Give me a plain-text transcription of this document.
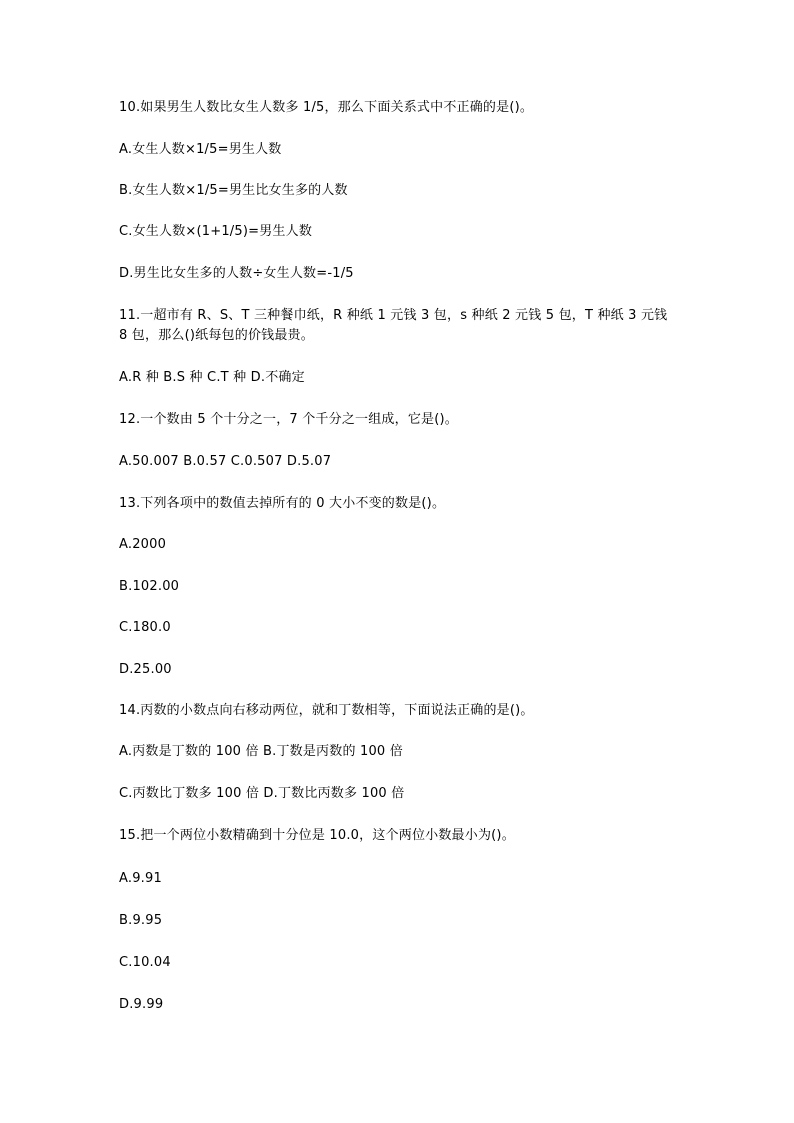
10.如果男生人数比女生人数多 1/5，那么下面关系式中不正确的是()。
A.女生人数×1/5=男生人数
B.女生人数×1/5=男生比女生多的人数
C.女生人数×(1+1/5)=男生人数
D.男生比女生多的人数÷女生人数=-1/5
11.一超市有 R、S、T 三种餐巾纸，R 种纸 1 元钱 3 包，s 种纸 2 元钱 5 包，T 种纸 3 元钱
8 包，那么()纸每包的价钱最贵。
A.R 种 B.S 种 C.T 种 D.不确定
12.一个数由 5 个十分之一，7 个千分之一组成，它是()。
A.50.007 B.0.57 C.0.507 D.5.07
13.下列各项中的数值去掉所有的 0 大小不变的数是()。
A.2000
B.102.00
C.180.0
D.25.00
14.丙数的小数点向右移动两位，就和丁数相等，下面说法正确的是()。
A.丙数是丁数的 100 倍 B.丁数是丙数的 100 倍
C.丙数比丁数多 100 倍 D.丁数比丙数多 100 倍
15.把一个两位小数精确到十分位是 10.0，这个两位小数最小为()。
A.9.91
B.9.95
C.10.04
D.9.99
